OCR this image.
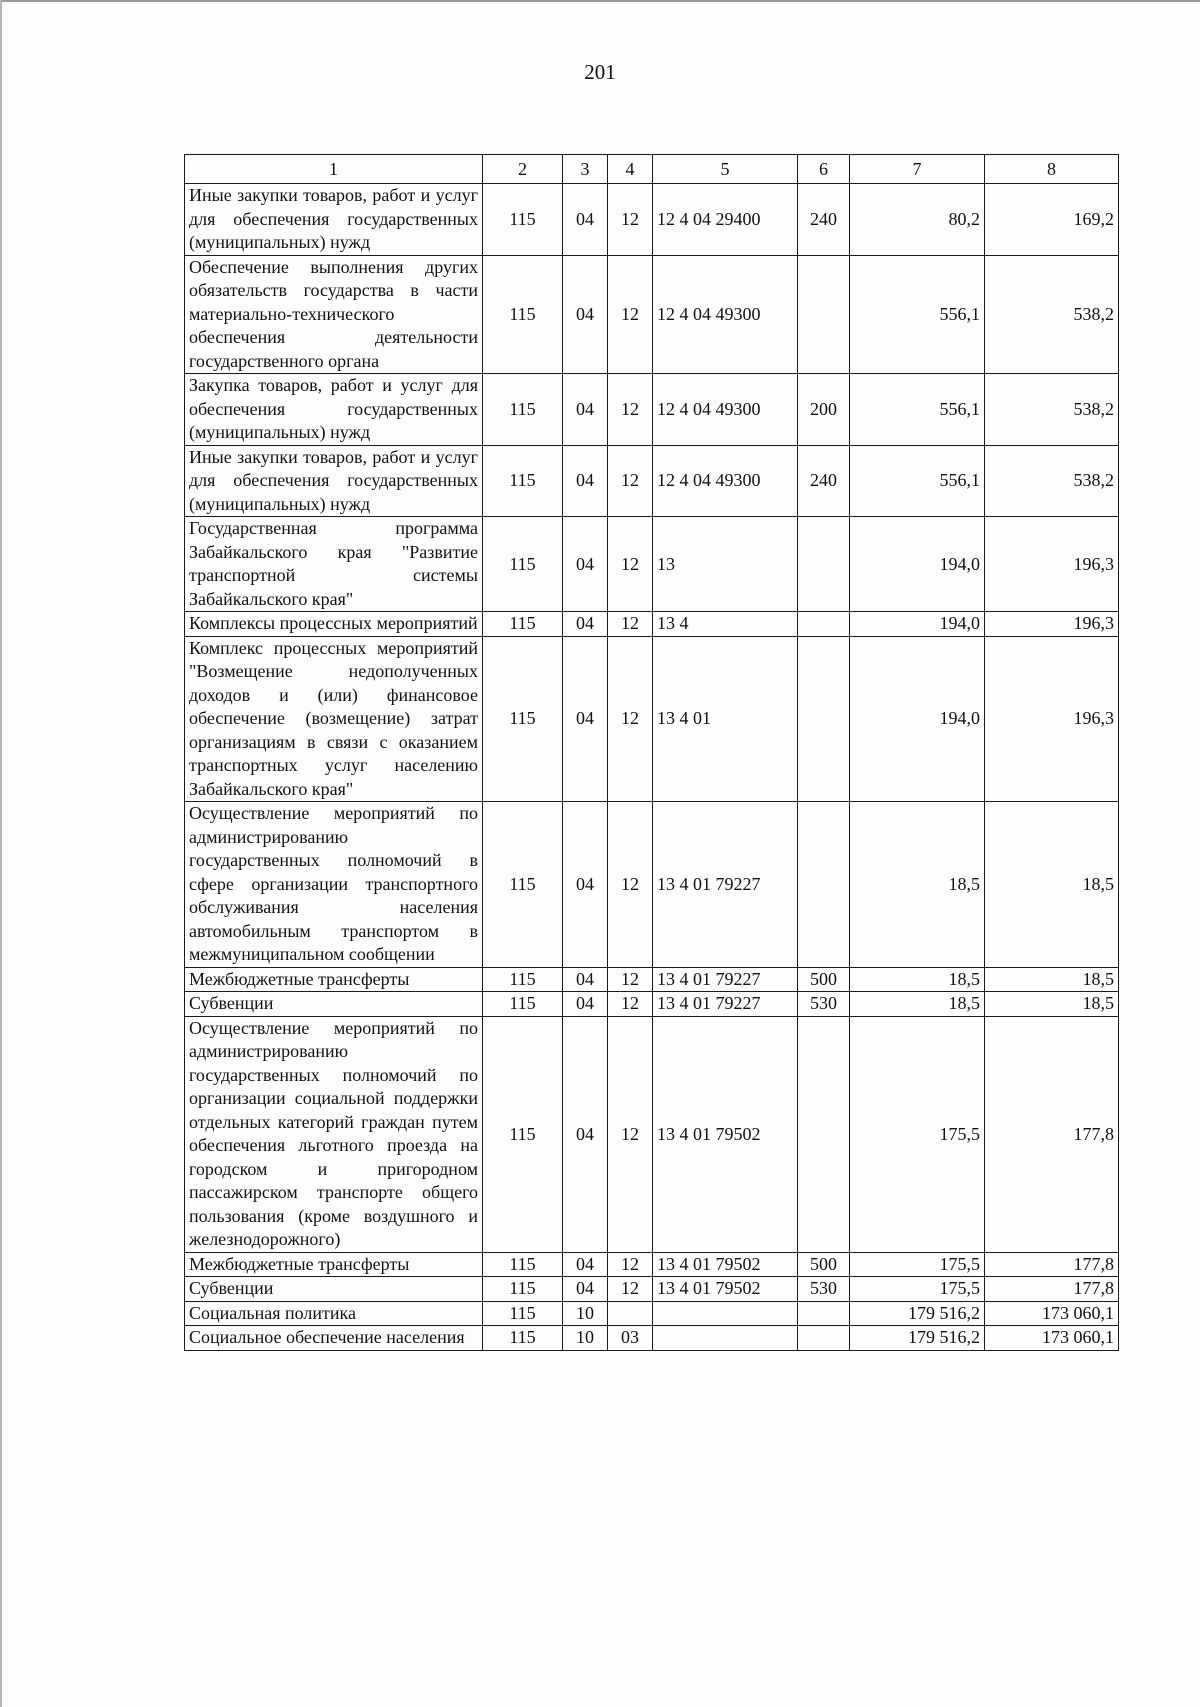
201
1	2	3	4	5	6	7	8
Иные закупки товаров, работ и услуг для обеспечения государственных (муниципальных) нужд	115	04	12	12 4 04 29400	240	80,2	169,2
Обеспечение выполнения других обязательств государства в части материально-технического обеспечения деятельности государственного органа	115	04	12	12 4 04 49300		556,1	538,2
Закупка товаров, работ и услуг для обеспечения государственных (муниципальных) нужд	115	04	12	12 4 04 49300	200	556,1	538,2
Иные закупки товаров, работ и услуг для обеспечения государственных (муниципальных) нужд	115	04	12	12 4 04 49300	240	556,1	538,2
Государственная программа Забайкальского края "Развитие транспортной системы Забайкальского края"	115	04	12	13		194,0	196,3
Комплексы процессных мероприятий	115	04	12	13 4		194,0	196,3
Комплекс процессных мероприятий "Возмещение недополученных доходов и (или) финансовое обеспечение (возмещение) затрат организациям в связи с оказанием транспортных услуг населению Забайкальского края"	115	04	12	13 4 01		194,0	196,3
Осуществление мероприятий по администрированию государственных полномочий в сфере организации транспортного обслуживания населения автомобильным транспортом в межмуниципальном сообщении	115	04	12	13 4 01 79227		18,5	18,5
Межбюджетные трансферты	115	04	12	13 4 01 79227	500	18,5	18,5
Субвенции	115	04	12	13 4 01 79227	530	18,5	18,5
Осуществление мероприятий по администрированию государственных полномочий по организации социальной поддержки отдельных категорий граждан путем обеспечения льготного проезда на городском и пригородном пассажирском транспорте общего пользования (кроме воздушного и железнодорожного)	115	04	12	13 4 01 79502		175,5	177,8
Межбюджетные трансферты	115	04	12	13 4 01 79502	500	175,5	177,8
Субвенции	115	04	12	13 4 01 79502	530	175,5	177,8
Социальная политика	115	10				179 516,2	173 060,1
Социальное обеспечение населения	115	10	03			179 516,2	173 060,1
